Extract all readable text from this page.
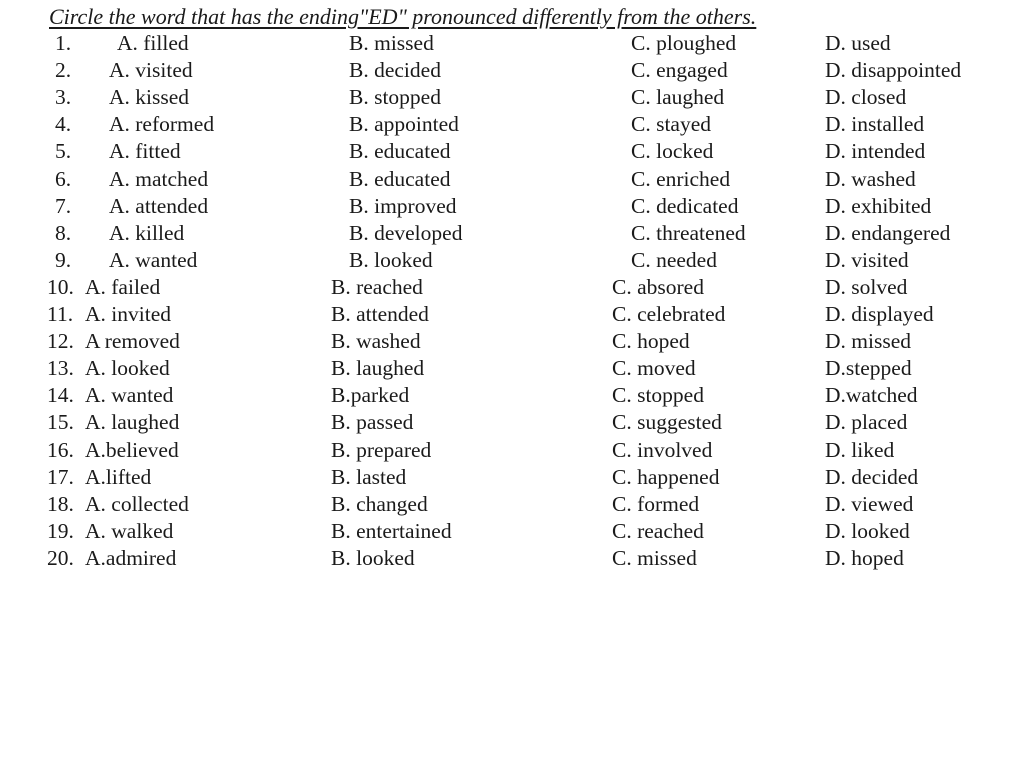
Circle the word that has the ending"ED" pronounced differently from the others.
1. A. filled	B. missed	C. ploughed	D. used
2. A. visited	B. decided	C. engaged	D. disappointed
3. A. kissed	B. stopped	C. laughed	D. closed
4. A. reformed	B. appointed	C. stayed	D. installed
5. A. fitted	B. educated	C. locked	D. intended
6. A. matched	B. educated	C. enriched	D. washed
7. A. attended	B. improved	C. dedicated	D. exhibited
8. A. killed	B. developed	C. threatened	D. endangered
9. A. wanted	B. looked	C. needed	D. visited
10. A. failed	B. reached	C. absored	D. solved
11. A. invited	B. attended	C. celebrated	D. displayed
12. A removed	B. washed	C. hoped	D. missed
13. A. looked	B. laughed	C. moved	D.stepped
14. A. wanted	B.parked	C. stopped	D.watched
15. A. laughed	B. passed	C. suggested	D. placed
16. A.believed	B. prepared	C. involved	D. liked
17. A.lifted	B. lasted	C. happened	D. decided
18. A. collected	B. changed	C. formed	D. viewed
19. A. walked	B. entertained	C. reached	D. looked
20. A.admired	B. looked	C. missed	D. hoped
